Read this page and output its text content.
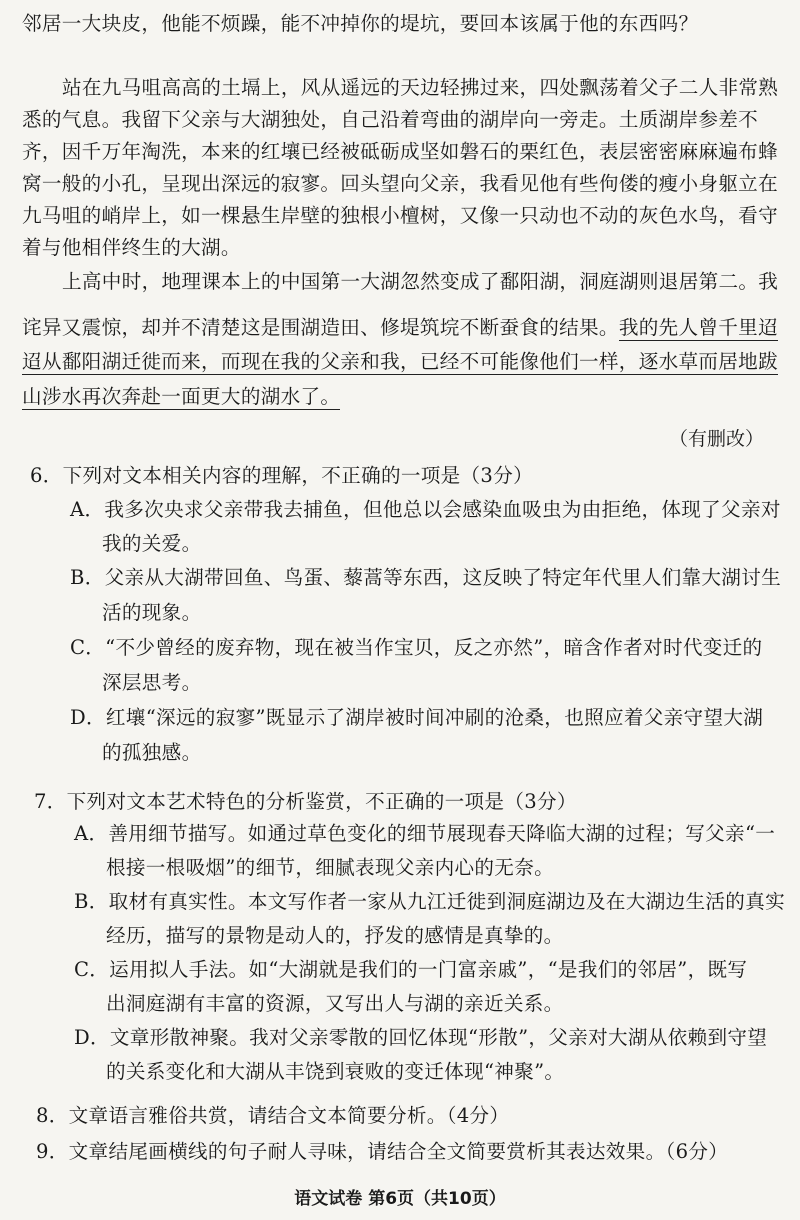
邻居一大块皮，他能不烦躁，能不冲掉你的堤坑，要回本该属于他的东西吗？
站在九马咀高高的土塥上，风从遥远的天边轻拂过来，四处飘荡着父子二人非常熟
悉的气息。我留下父亲与大湖独处，自己沿着弯曲的湖岸向一旁走。土质湖岸参差不
齐，因千万年淘洗，本来的红壤已经被砥砺成坚如磐石的栗红色，表层密密麻麻遍布蜂
窝一般的小孔，呈现出深远的寂寥。回头望向父亲，我看见他有些佝偻的瘦小身躯立在
九马咀的峭岸上，如一棵悬生岸壁的独根小檀树，又像一只动也不动的灰色水鸟，看守
着与他相伴终生的大湖。
上高中时，地理课本上的中国第一大湖忽然变成了鄱阳湖，洞庭湖则退居第二。我
诧异又震惊，却并不清楚这是围湖造田、修堤筑垸不断蚕食的结果。我的先人曾千里迢
迢从鄱阳湖迁徙而来，而现在我的父亲和我，已经不可能像他们一样，逐水草而居地跋
山涉水再次奔赴一面更大的湖水了。
（有删改）
6．下列对文本相关内容的理解，不正确的一项是（3分）
A．我多次央求父亲带我去捕鱼，但他总以会感染血吸虫为由拒绝，体现了父亲对
我的关爱。
B．父亲从大湖带回鱼、鸟蛋、藜蒿等东西，这反映了特定年代里人们靠大湖讨生
活的现象。
C．“不少曾经的废弃物，现在被当作宝贝，反之亦然”，暗含作者对时代变迁的
深层思考。
D．红壤“深远的寂寥”既显示了湖岸被时间冲刷的沧桑，也照应着父亲守望大湖
的孤独感。
7．下列对文本艺术特色的分析鉴赏，不正确的一项是（3分）
A．善用细节描写。如通过草色变化的细节展现春天降临大湖的过程；写父亲“一
根接一根吸烟”的细节，细腻表现父亲内心的无奈。
B．取材有真实性。本文写作者一家从九江迁徙到洞庭湖边及在大湖边生活的真实
经历，描写的景物是动人的，抒发的感情是真挚的。
C．运用拟人手法。如“大湖就是我们的一门富亲戚”，“是我们的邻居”，既写
出洞庭湖有丰富的资源，又写出人与湖的亲近关系。
D．文章形散神聚。我对父亲零散的回忆体现“形散”，父亲对大湖从依赖到守望
的关系变化和大湖从丰饶到衰败的变迁体现“神聚”。
8．文章语言雅俗共赏，请结合文本简要分析。（4分）
9．文章结尾画横线的句子耐人寻味，请结合全文简要赏析其表达效果。（6分）
语文试卷 第6页（共10页）
